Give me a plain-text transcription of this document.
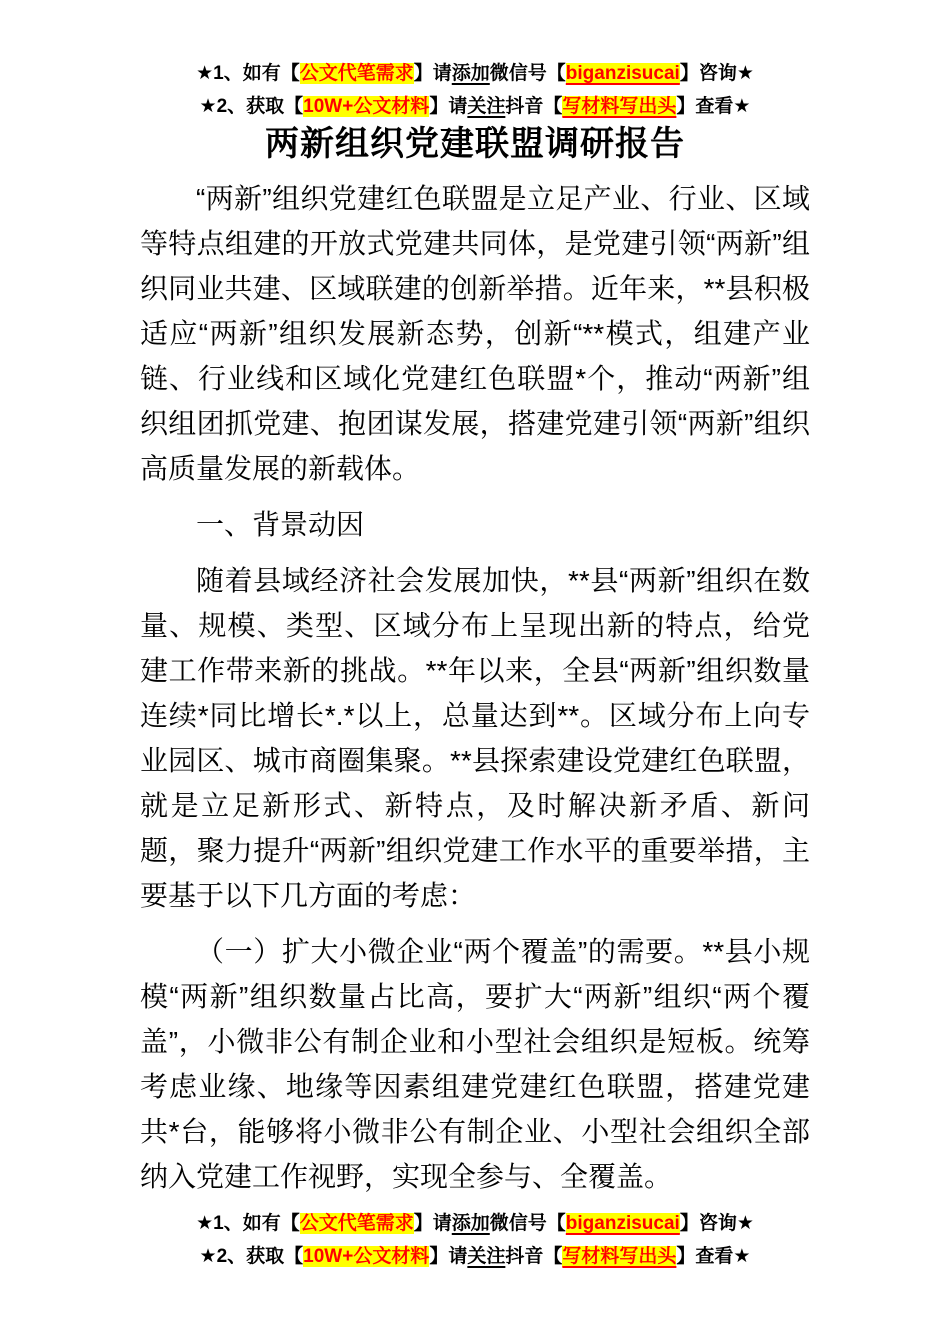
★1、如有【公文代笔需求】请添加微信号【biganzisucai】咨询★
★2、获取【10W+公文材料】请关注抖音【写材料写出头】查看★
两新组织党建联盟调研报告

“两新”组织党建红色联盟是立足产业、行业、区域等特点组建的开放式党建共同体，是党建引领“两新”组织同业共建、区域联建的创新举措。近年来，**县积极适应“两新”组织发展新态势，创新“**模式，组建产业链、行业线和区域化党建红色联盟*个，推动“两新”组织组团抓党建、抱团谋发展，搭建党建引领“两新”组织高质量发展的新载体。

一、背景动因

随着县域经济社会发展加快，**县“两新”组织在数量、规模、类型、区域分布上呈现出新的特点，给党建工作带来新的挑战。**年以来，全县“两新”组织数量连续*同比增长*.*以上，总量达到**。区域分布上向专业园区、城市商圈集聚。**县探索建设党建红色联盟，就是立足新形式、新特点，及时解决新矛盾、新问题，聚力提升“两新”组织党建工作水平的重要举措，主要基于以下几方面的考虑：

（一）扩大小微企业“两个覆盖”的需要。**县小规模“两新”组织数量占比高，要扩大“两新”组织“两个覆盖”，小微非公有制企业和小型社会组织是短板。统筹考虑业缘、地缘等因素组建党建红色联盟，搭建党建共*台，能够将小微非公有制企业、小型社会组织全部纳入党建工作视野，实现全参与、全覆盖。

★1、如有【公文代笔需求】请添加微信号【biganzisucai】咨询★
★2、获取【10W+公文材料】请关注抖音【写材料写出头】查看★
